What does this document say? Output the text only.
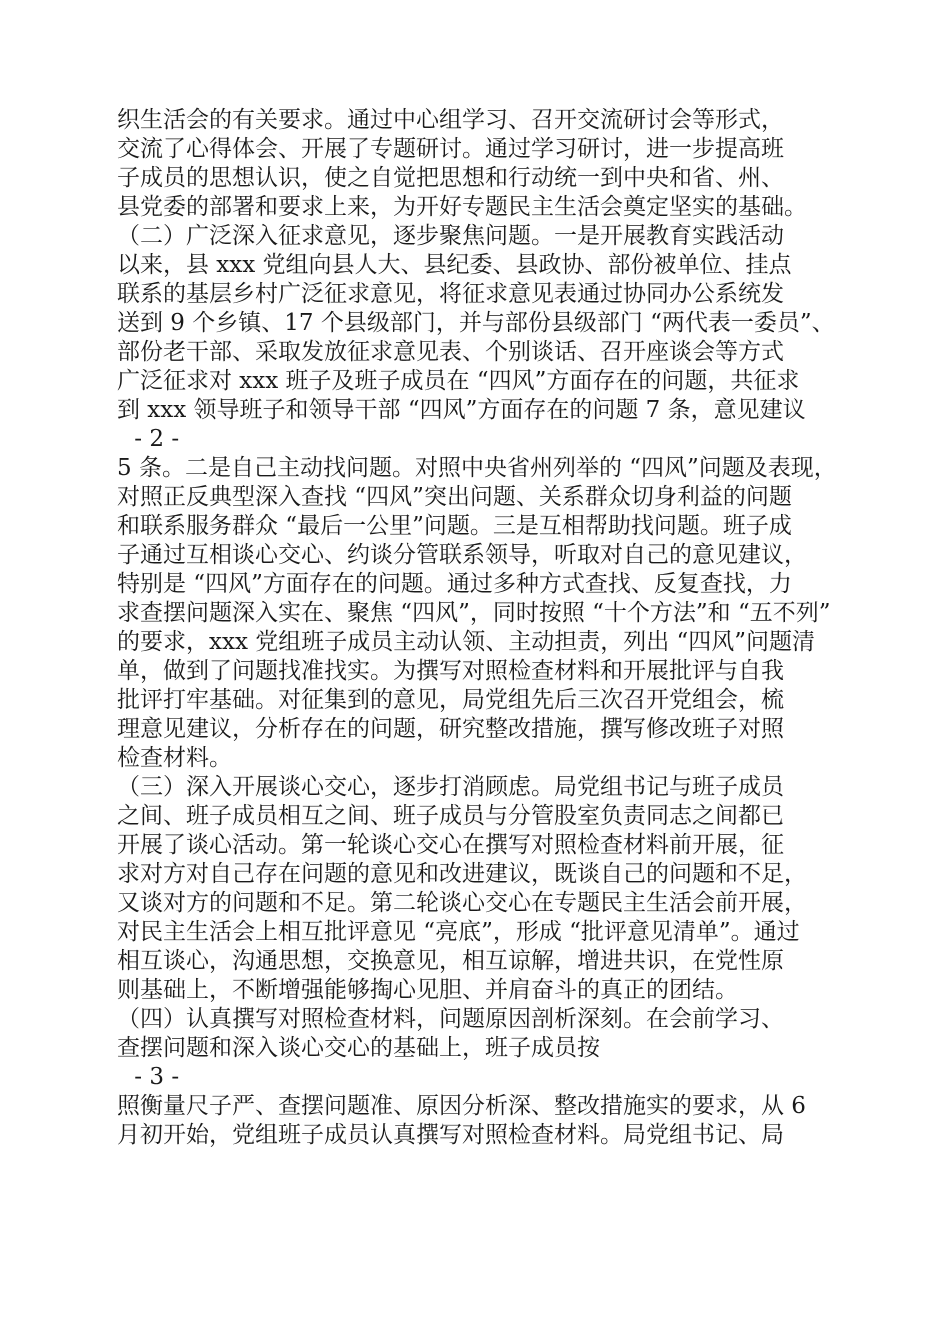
织生活会的有关要求。通过中心组学习、召开交流研讨会等形式，
交流了心得体会、开展了专题研讨。通过学习研讨，进一步提高班
子成员的思想认识，使之自觉把思想和行动统一到中央和省、州、
县党委的部署和要求上来，为开好专题民主生活会奠定坚实的基础。
（二）广泛深入征求意见，逐步聚焦问题。一是开展教育实践活动
以来，县 xxx 党组向县人大、县纪委、县政协、部份被单位、挂点
联系的基层乡村广泛征求意见，将征求意见表通过协同办公系统发
送到 9 个乡镇、17 个县级部门，并与部份县级部门 “两代表一委员”、
部份老干部、采取发放征求意见表、个别谈话、召开座谈会等方式
广泛征求对 xxx 班子及班子成员在 “四风”方面存在的问题，共征求
到 xxx 领导班子和领导干部 “四风”方面存在的问题 7 条，意见建议
- 2 -
5 条。二是自己主动找问题。对照中央省州列举的 “四风”问题及表现，
对照正反典型深入查找 “四风”突出问题、关系群众切身利益的问题
和联系服务群众 “最后一公里”问题。三是互相帮助找问题。班子成
子通过互相谈心交心、约谈分管联系领导，听取对自己的意见建议，
特别是 “四风”方面存在的问题。通过多种方式查找、反复查找，力
求查摆问题深入实在、聚焦 “四风”，同时按照 “十个方法”和 “五不列”
的要求，xxx 党组班子成员主动认领、主动担责，列出 “四风”问题清
单，做到了问题找准找实。为撰写对照检查材料和开展批评与自我
批评打牢基础。对征集到的意见，局党组先后三次召开党组会，梳
理意见建议，分析存在的问题，研究整改措施，撰写修改班子对照
检查材料。
（三）深入开展谈心交心，逐步打消顾虑。局党组书记与班子成员
之间、班子成员相互之间、班子成员与分管股室负责同志之间都已
开展了谈心活动。第一轮谈心交心在撰写对照检查材料前开展，征
求对方对自己存在问题的意见和改进建议，既谈自己的问题和不足，
又谈对方的问题和不足。第二轮谈心交心在专题民主生活会前开展，
对民主生活会上相互批评意见 “亮底”，形成 “批评意见清单”。通过
相互谈心，沟通思想，交换意见，相互谅解，增进共识，在党性原
则基础上，不断增强能够掏心见胆、并肩奋斗的真正的团结。
（四）认真撰写对照检查材料，问题原因剖析深刻。在会前学习、
查摆问题和深入谈心交心的基础上，班子成员按
- 3 -
照衡量尺子严、查摆问题准、原因分析深、整改措施实的要求，从 6
月初开始，党组班子成员认真撰写对照检查材料。局党组书记、局
